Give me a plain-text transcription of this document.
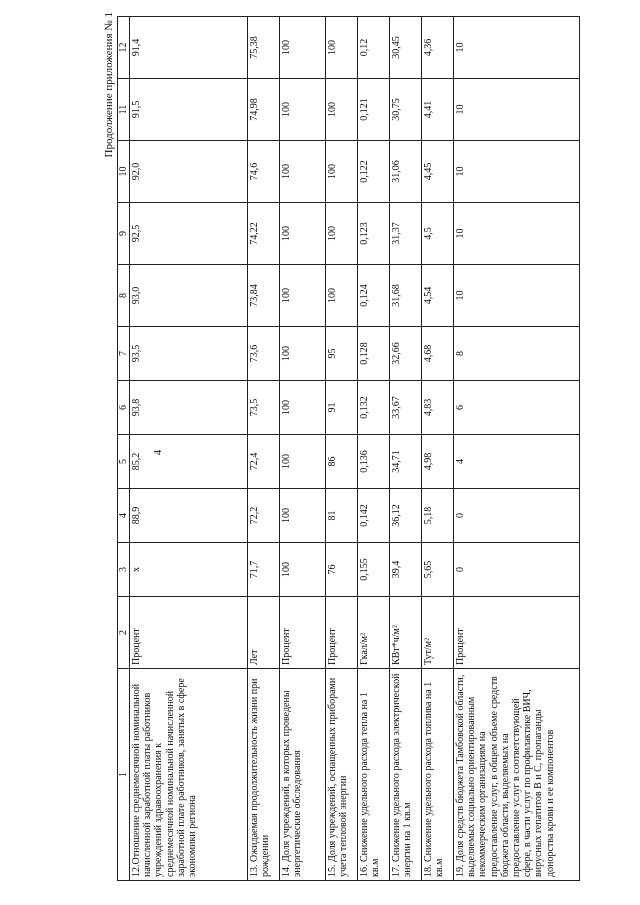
4
Продолжение приложения № 1
1	2	3	4	5	6	7	8	9	10	11	12
12.Отношение среднемесячной номинальной начисленной заработной платы работников учреждений здравоохранения к среднемесячной номинальной начисленной заработной плате работников, занятых в сфере экономики региона	Процент	х	88,9	85,2	93,8	93,5	93,0	92,5	92,0	91,5	91,4
13. Ожидаемая продолжительность жизни при рождении	Лет	71,7	72,2	72,4	73,5	73,6	73,84	74,22	74,6	74,98	75,38
14. Доля учреждений, в которых проведены энергетические обследования	Процент	100	100	100	100	100	100	100	100	100	100
15. Доля учреждений, оснащенных приборами учета тепловой энергии	Процент	76	81	86	91	95	100	100	100	100	100
16. Снижение удельного расхода тепла на 1 кв.м	Гкал/м²	0,155	0,142	0,136	0,132	0,128	0,124	0,123	0,122	0,121	0,12
17. Снижение удельного расхода электрической энергии на 1 кв.м	КВт*ч/м²	39,4	36,12	34,71	33,67	32,66	31,68	31,37	31,06	30,75	30,45
18. Снижение удельного расхода топлива на 1 кв.м	Тут/м²	5,65	5,18	4,98	4,83	4,68	4,54	4,5	4,45	4,41	4,36
19. Доля средств бюджета Тамбовской области, выделяемых социально ориентированным некоммерческим организациям на предоставление услуг, в общем объеме средств бюджета области, выделяемых на предоставление услуг в соответствующей сфере, в части услуг по профилактике ВИЧ, вирусных гепатитов В и С, пропаганды донорства крови и ее компонентов	Процент	0	0	4	6	8	10	10	10	10	10
